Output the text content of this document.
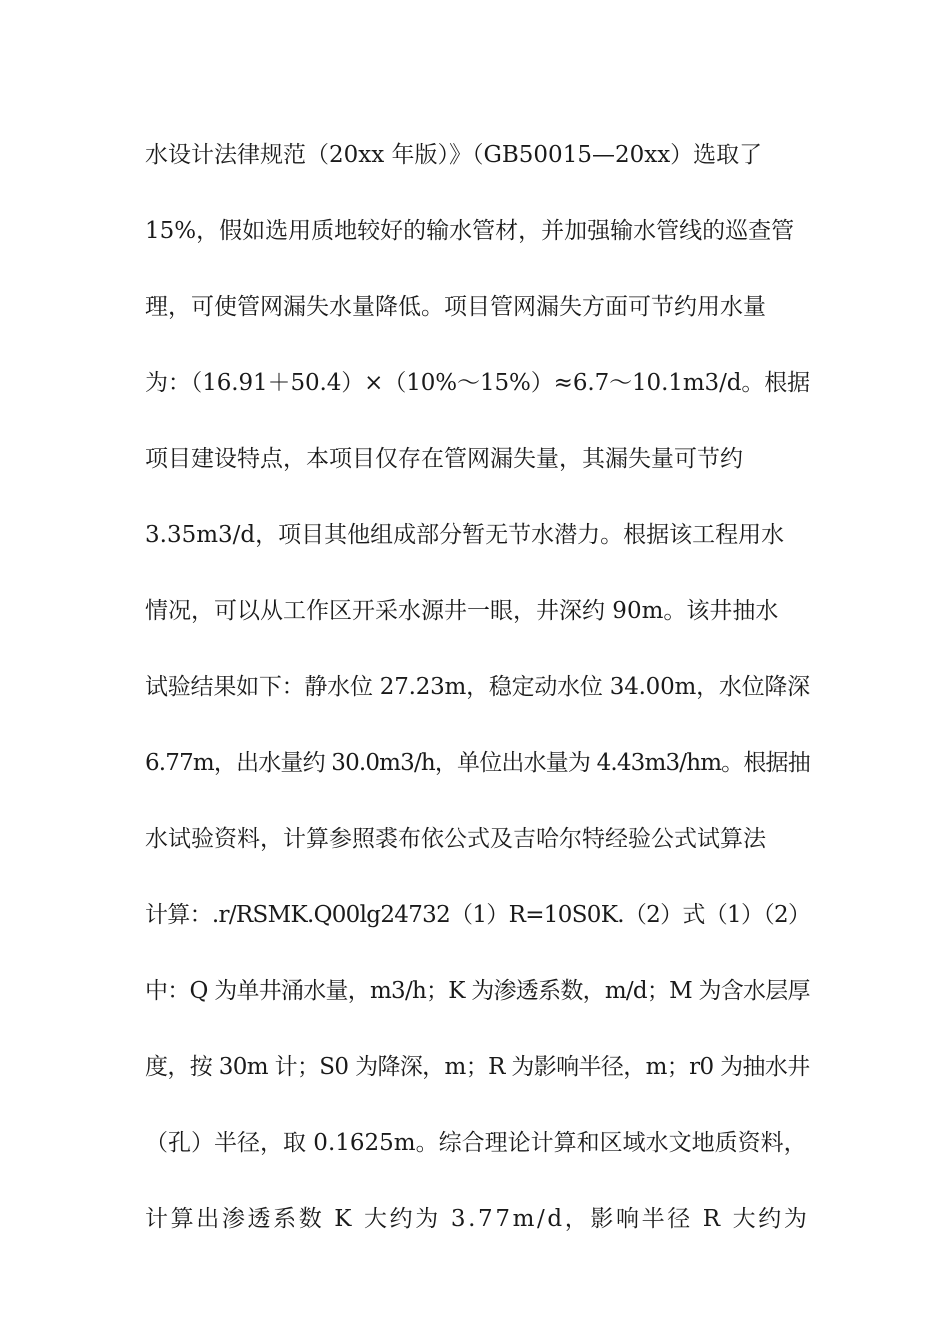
水设计法律规范（20xx 年版）》（GB50015—20xx）选取了
15%，假如选用质地较好的输水管材，并加强输水管线的巡查管
理，可使管网漏失水量降低。项目管网漏失方面可节约用水量
为：（16.91＋50.4）×（10%～15%）≈6.7～10.1m3/d。根据
项目建设特点，本项目仅存在管网漏失量，其漏失量可节约
3.35m3/d，项目其他组成部分暂无节水潜力。根据该工程用水
情况，可以从工作区开采水源井一眼，井深约 90m。该井抽水
试验结果如下：静水位 27.23m，稳定动水位 34.00m，水位降深
6.77m，出水量约 30.0m3/h，单位出水量为 4.43m3/hm。根据抽
水试验资料，计算参照裘布依公式及吉哈尔特经验公式试算法
计算：.r/RSMK.Q00lg24732（1）R=10S0K.（2）式（1）（2）
中：Q 为单井涌水量，m3/h；K 为渗透系数，m/d；M 为含水层厚
度，按 30m 计；S0 为降深，m；R 为影响半径，m；r0 为抽水井
（孔）半径，取 0.1625m。综合理论计算和区域水文地质资料，
计算出渗透系数 K 大约为 3.77m/d，影响半径 R 大约为
